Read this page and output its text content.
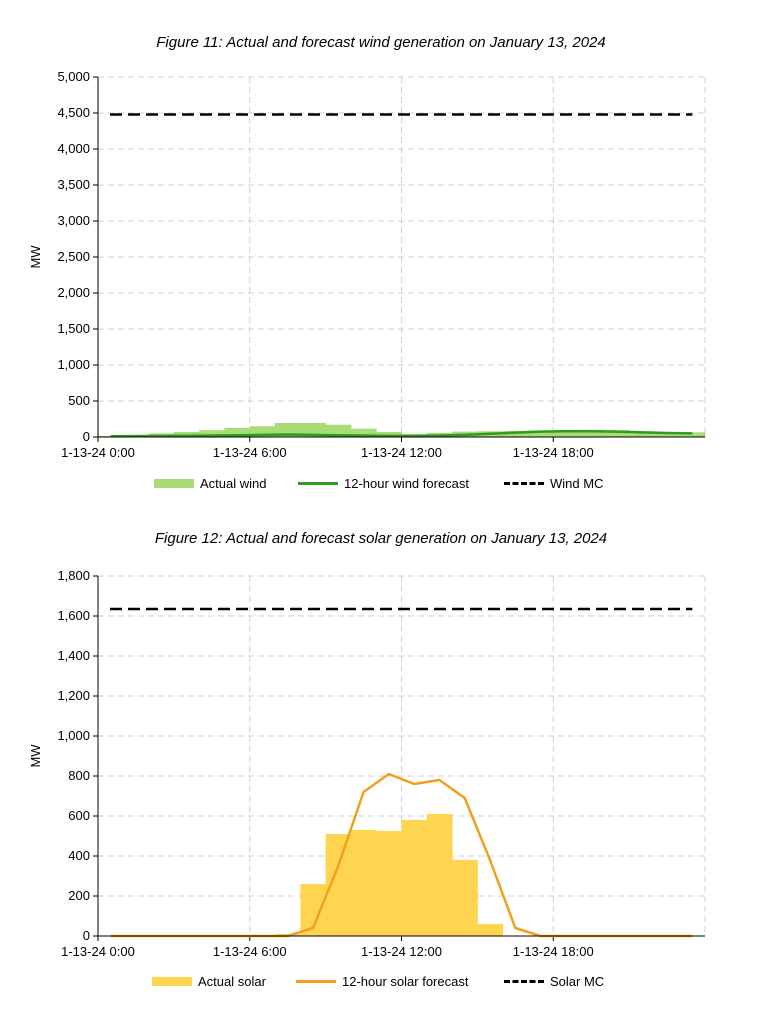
Figure 11: Actual and forecast wind generation on January 13, 2024
0
500
1,000
1,500
2,000
2,500
3,000
3,500
4,000
4,500
5,000
1-13-24 0:00	1-13-24 6:00	1-13-24 12:00	1-13-24 18:00
MW
Actual wind	12-hour wind forecast	Wind MC
Figure 12: Actual and forecast solar generation on January 13, 2024
0
200
400
600
800
1,000
1,200
1,400
1,600
1,800
1-13-24 0:00	1-13-24 6:00	1-13-24 12:00	1-13-24 18:00
MW
Actual solar	12-hour solar forecast	Solar MC
